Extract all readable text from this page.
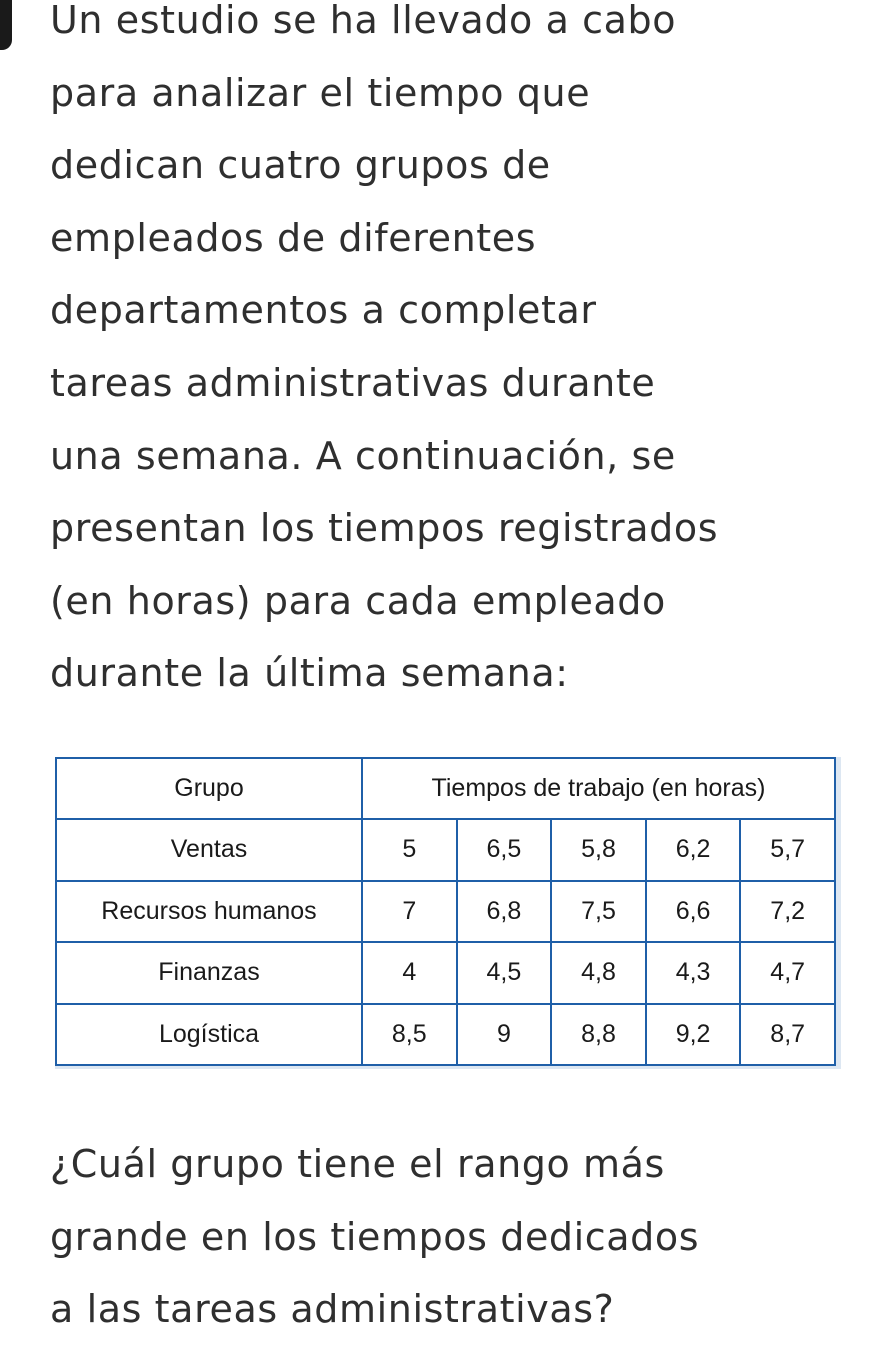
Un estudio se ha llevado a cabo
para analizar el tiempo que
dedican cuatro grupos de
empleados de diferentes
departamentos a completar
tareas administrativas durante
una semana. A continuación, se
presentan los tiempos registrados
(en horas) para cada empleado
durante la última semana:

Grupo	Tiempos de trabajo (en horas)				
Ventas	5	6,5	5,8	6,2	5,7
Recursos humanos	7	6,8	7,5	6,6	7,2
Finanzas	4	4,5	4,8	4,3	4,7
Logística	8,5	9	8,8	9,2	8,7

¿Cuál grupo tiene el rango más
grande en los tiempos dedicados
a las tareas administrativas?
